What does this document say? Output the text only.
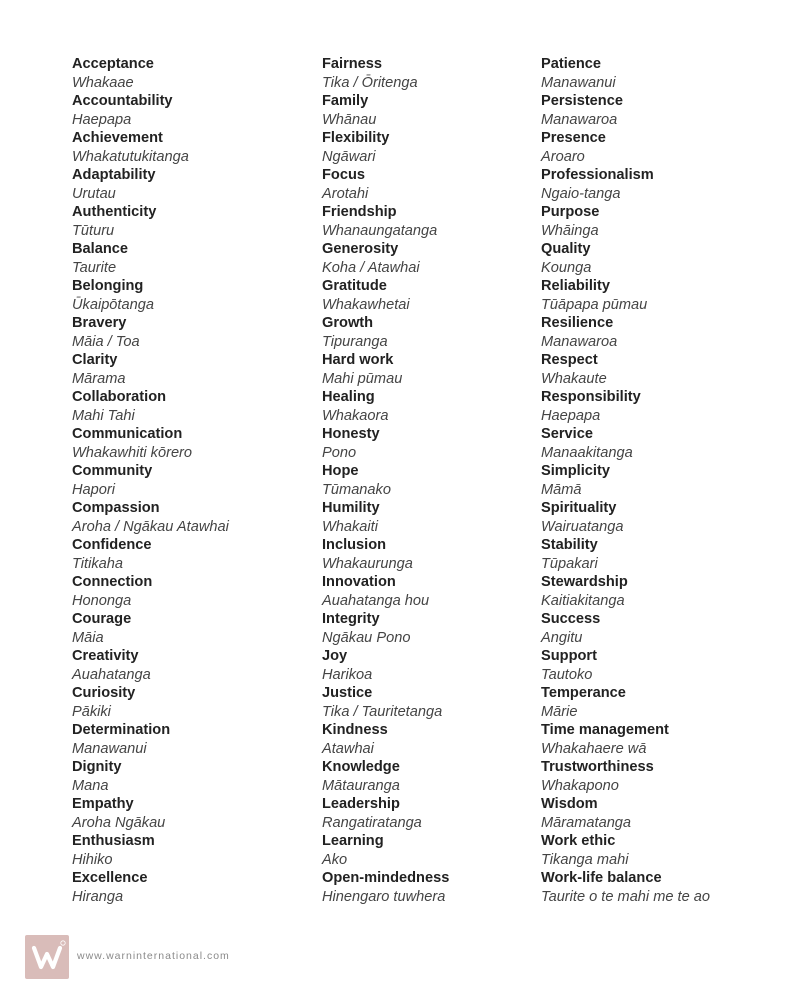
Acceptance
Whakaae
Accountability
Haepapa
Achievement
Whakatutukitanga
Adaptability
Urutau
Authenticity
Tūturu
Balance
Taurite
Belonging
Ūkaipōtanga
Bravery
Māia / Toa
Clarity
Mārama
Collaboration
Mahi Tahi
Communication
Whakawhiti kōrero
Community
Hapori
Compassion
Aroha / Ngākau Atawhai
Confidence
Titikaha
Connection
Hononga
Courage
Māia
Creativity
Auahatanga
Curiosity
Pākiki
Determination
Manawanui
Dignity
Mana
Empathy
Aroha Ngākau
Enthusiasm
Hihiko
Excellence
Hiranga
Fairness
Tika / Ōritenga
Family
Whānau
Flexibility
Ngāwari
Focus
Arotahi
Friendship
Whanaungatanga
Generosity
Koha / Atawhai
Gratitude
Whakawhetai
Growth
Tipuranga
Hard work
Mahi pūmau
Healing
Whakaora
Honesty
Pono
Hope
Tūmanako
Humility
Whakaiti
Inclusion
Whakaurunga
Innovation
Auahatanga hou
Integrity
Ngākau Pono
Joy
Harikoa
Justice
Tika / Tauritetanga
Kindness
Atawhai
Knowledge
Mātauranga
Leadership
Rangatiratanga
Learning
Ako
Open-mindedness
Hinengaro tuwhera
Patience
Manawanui
Persistence
Manawaroa
Presence
Aroaro
Professionalism
Ngaio-tanga
Purpose
Whāinga
Quality
Kounga
Reliability
Tūāpapa pūmau
Resilience
Manawaroa
Respect
Whakaute
Responsibility
Haepapa
Service
Manaakitanga
Simplicity
Māmā
Spirituality
Wairuatanga
Stability
Tūpakari
Stewardship
Kaitiakitanga
Success
Angitu
Support
Tautoko
Temperance
Mārie
Time management
Whakahaere wā
Trustworthiness
Whakapono
Wisdom
Māramatanga
Work ethic
Tikanga mahi
Work-life balance
Taurite o te mahi me te ao
www.warninternational.com
